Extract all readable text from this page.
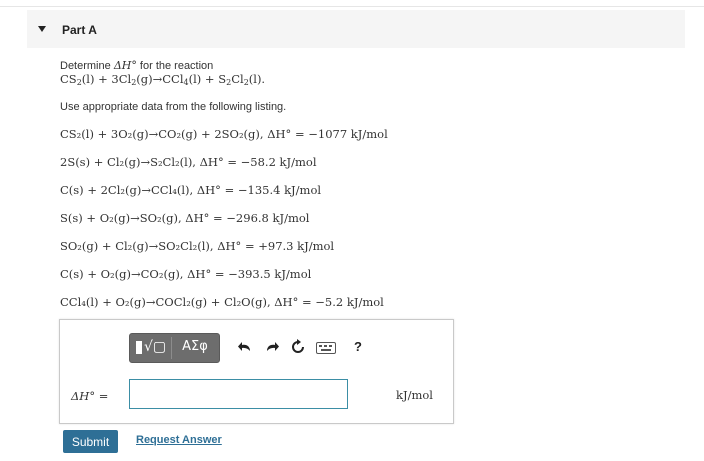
Part A
Determine ΔH° for the reaction
$CS_2(l) + 3Cl_2(g)\to CCl_4(l) + S_2Cl_2(l)$.
Use appropriate data from the following listing.
CS₂(l) + 3O₂(g)→CO₂(g) + 2SO₂(g), ΔH° = −1077 kJ/mol
2S(s) + Cl₂(g)→S₂Cl₂(l), ΔH° = −58.2 kJ/mol
C(s) + 2Cl₂(g)→CCl₄(l), ΔH° = −135.4 kJ/mol
S(s) + O₂(g)→SO₂(g), ΔH° = −296.8 kJ/mol
SO₂(g) + Cl₂(g)→SO₂Cl₂(l), ΔH° = +97.3 kJ/mol
C(s) + O₂(g)→CO₂(g), ΔH° = −393.5 kJ/mol
CCl₄(l) + O₂(g)→COCl₂(g) + Cl₂O(g), ΔH° = −5.2 kJ/mol
√▢	ΑΣφ	?
ΔH° =	kJ/mol
Submit	Request Answer
